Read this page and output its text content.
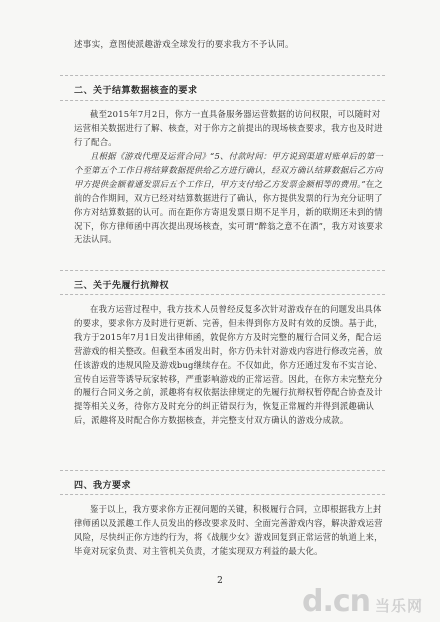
述事实，意图使派趣游戏全球发行的要求我方不予认同。
二、关于结算数据核查的要求
截至2015年7月2日，你方一直具备服务器运营数据的访问权限，可以随时对运营相关数据进行了解、核查，对于你方之前提出的现场核查要求，我方也及时进行了配合。
且根据《游戏代理及运营合同》“5、付款时间：甲方说到渠道对账单后的第一个至第五个工作日将结算数据提供给乙方进行确认，经双方确认结算数据后乙方向甲方提供金额着通发票后五个工作日，甲方支付给乙方发票金额相等的费用。”在之前的合作期间，双方已经对结算数据进行了确认，你方提供发票的行为充分证明了你方对结算数据的认可。而在距你方寄退发票日期不足半月，新的联期还未到的情况下，你方律师函中再次提出现场核查，实可谓“醉翁之意不在酒”，我方对该要求无法认同。
三、关于先履行抗辩权
在我方运营过程中，我方技术人员曾经反复多次针对游戏存在的问题发出具体的要求，要求你方及时进行更新、完善，但未得到你方及时有效的反馈。基于此，我方于2015年7月1日发出律师函，敦促你方方及时完整的履行合同义务，配合运营游戏的相关整改。但截至本函发出时，你方仍未针对游戏内容进行修改完善，放任该游戏的违规风险及游戏bug继续存在。不仅如此，你方还通过发布不实言论、宣传自运营等诱导玩家转移，严重影响游戏的正常运营。因此，在你方未完整充分的履行合同义务之前，派趣将有权依据法律规定的先履行抗辩权暂停配合协查及计提等相关义务，待你方及时充分的纠正错误行为，恢复正常履约并得到派趣确认后，派趣将及时配合你方数据核查，并完整支付双方确认的游戏分成款。
四、我方要求
鉴于以上，我方要求你方正视问题的关键，积极履行合同，立即根据我方上封律师函以及派趣工作人员发出的修改要求及时、全面完善游戏内容，解决游戏运营风险，尽快纠正你方违约行为，将《战舰少女》游戏回复到正常运营的轨道上来，毕竟对玩家负责、对主管机关负责，才能实现双方利益的最大化。
2
d.cn 当乐网
